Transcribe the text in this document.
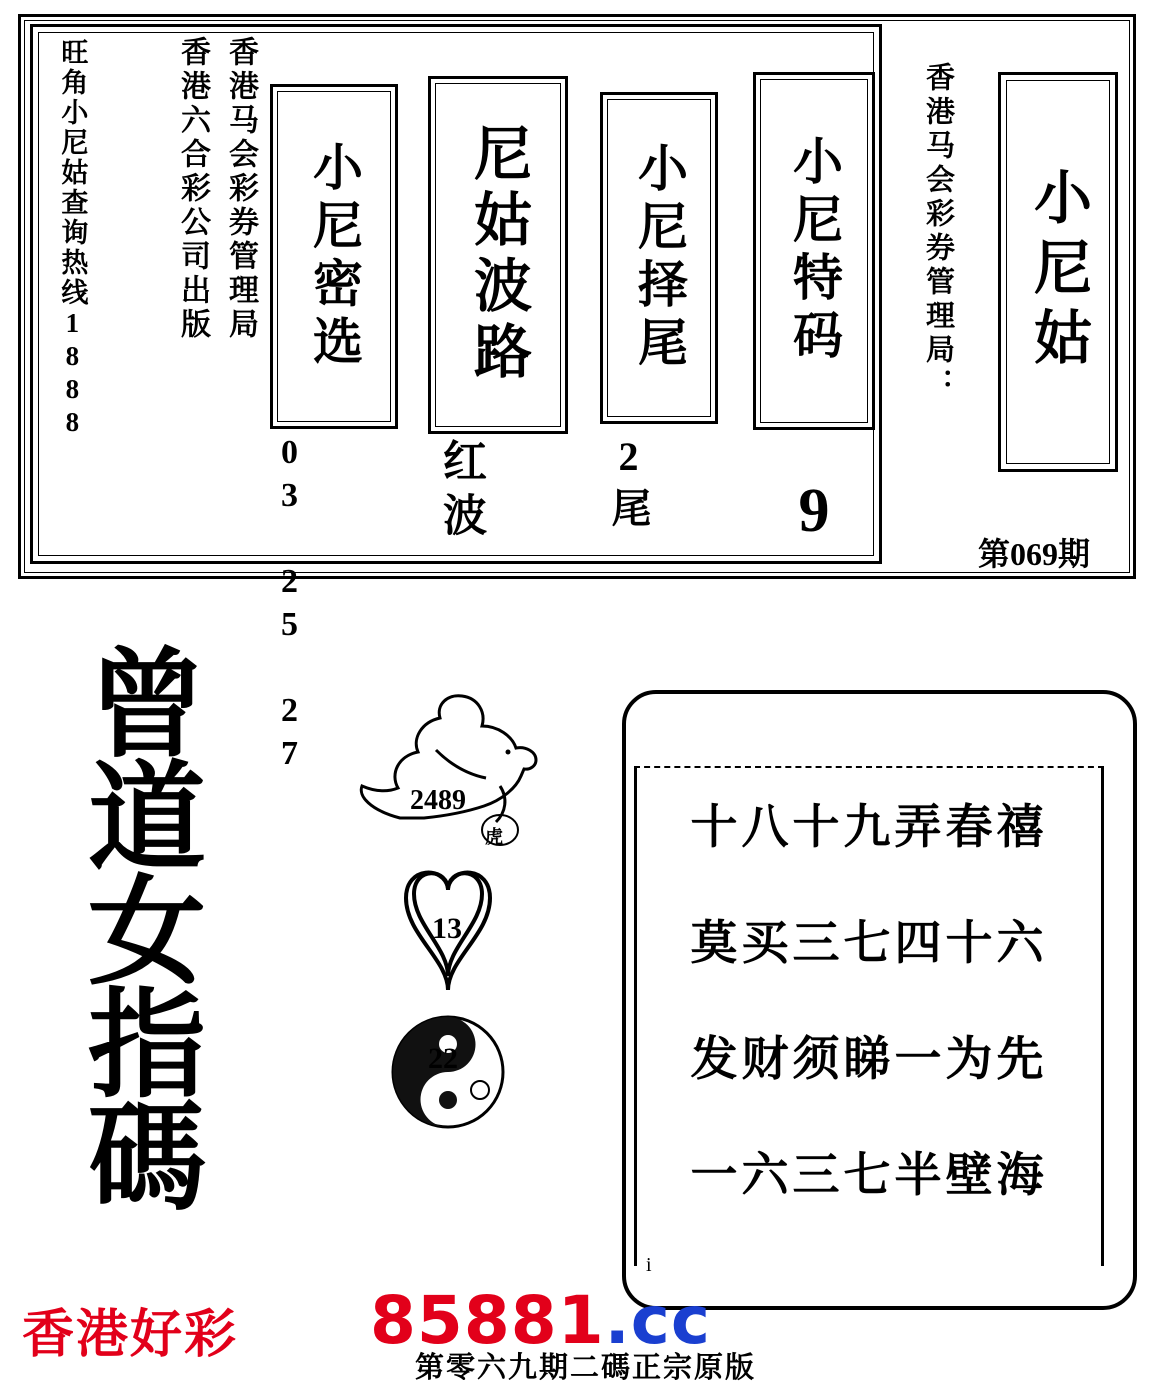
旺角小尼姑查询热线1888	香港马会彩券管理局
香港六合彩公司出版 小尼密选
03 25 27
尼姑波路
红波
小尼择尾
2尾
小尼特码
9
香港马会彩券管理局： 小尼姑
第069期
曾
道
女
指
碼
2489
虎
13
22
十八十九弄春禧
莫买三七四十六
发财须睇一为先
一六三七半壁海
i
香港好彩 85881.cc
第零六九期二碼正宗原版
